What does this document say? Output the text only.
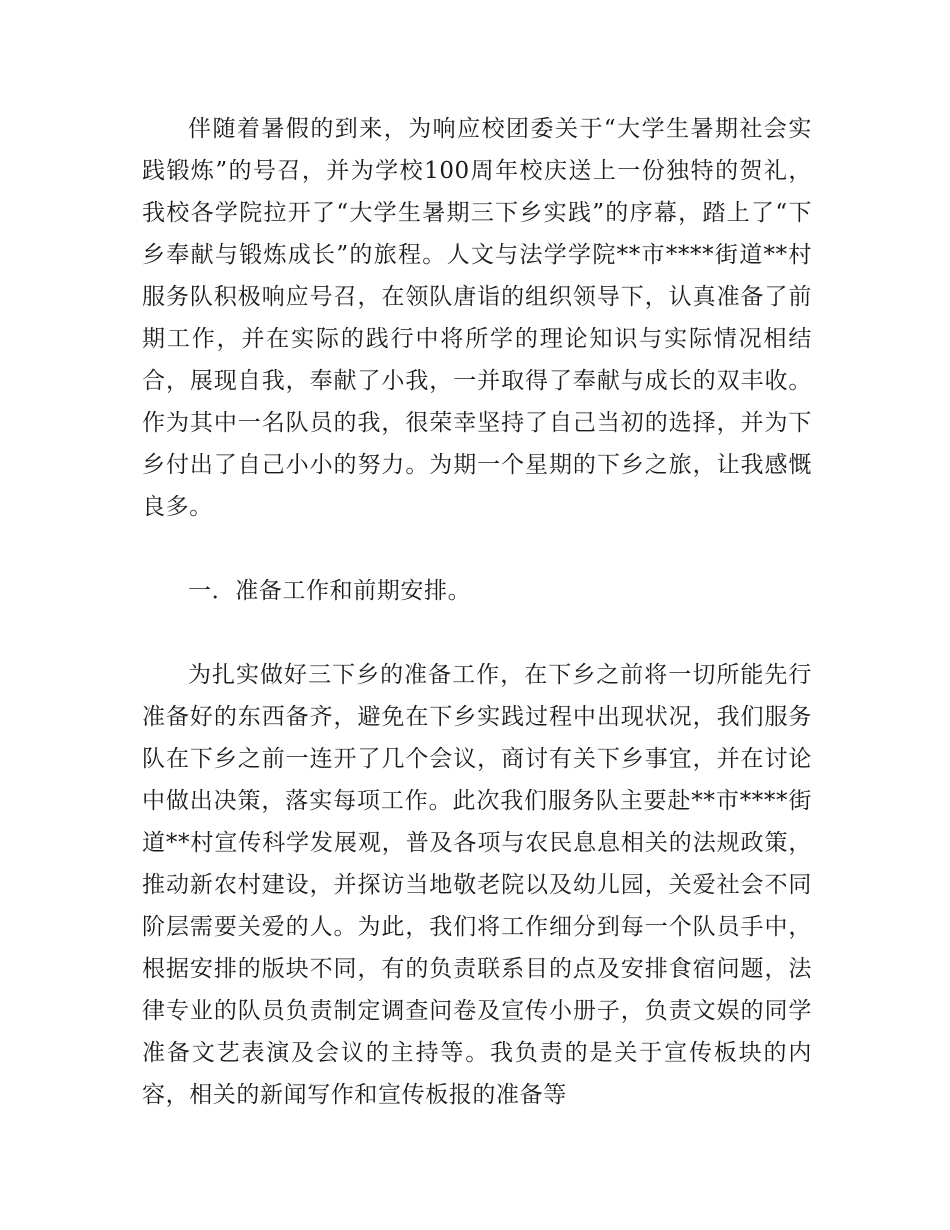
伴随着暑假的到来，为响应校团委关于“大学生暑期社会实践锻炼”的号召，并为学校100周年校庆送上一份独特的贺礼，我校各学院拉开了“大学生暑期三下乡实践”的序幕，踏上了“下乡奉献与锻炼成长”的旅程。人文与法学学院**市****街道**村服务队积极响应号召，在领队唐诣的组织领导下，认真准备了前期工作，并在实际的践行中将所学的理论知识与实际情况相结合，展现自我，奉献了小我，一并取得了奉献与成长的双丰收。作为其中一名队员的我，很荣幸坚持了自己当初的选择，并为下乡付出了自己小小的努力。为期一个星期的下乡之旅，让我感慨良多。

一．准备工作和前期安排。

为扎实做好三下乡的准备工作，在下乡之前将一切所能先行准备好的东西备齐，避免在下乡实践过程中出现状况，我们服务队在下乡之前一连开了几个会议，商讨有关下乡事宜，并在讨论中做出决策，落实每项工作。此次我们服务队主要赴**市****街道**村宣传科学发展观，普及各项与农民息息相关的法规政策，推动新农村建设，并探访当地敬老院以及幼儿园，关爱社会不同阶层需要关爱的人。为此，我们将工作细分到每一个队员手中，根据安排的版块不同，有的负责联系目的点及安排食宿问题，法律专业的队员负责制定调查问卷及宣传小册子，负责文娱的同学准备文艺表演及会议的主持等。我负责的是关于宣传板块的内容，相关的新闻写作和宣传板报的准备等
